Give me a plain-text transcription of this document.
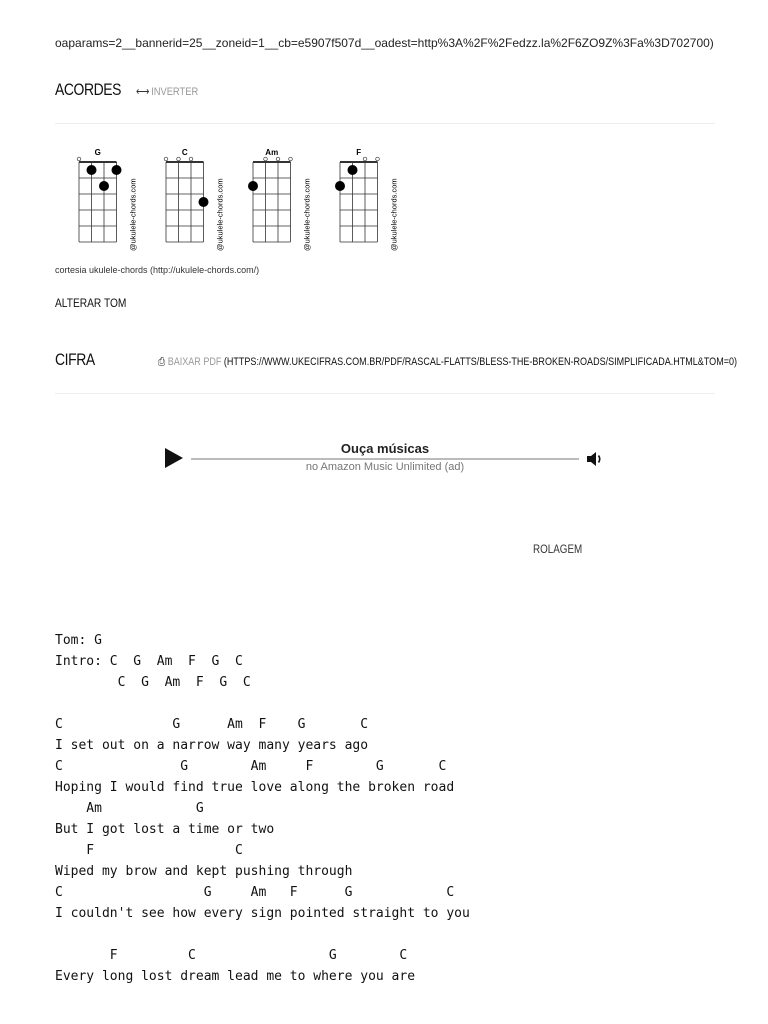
oaparams=2__bannerid=25__zoneid=1__cb=e5907f507d__oadest=http%3A%2F%2Fedzz.la%2F6ZO9Z%3Fa%3D702700)
ACORDES ⟷ INVERTER
G
@ukulele-chords.com
C
@ukulele-chords.com
Am
@ukulele-chords.com
F
@ukulele-chords.com
cortesia ukulele-chords (http://ukulele-chords.com/)
ALTERAR TOM
CIFRA	⎙ BAIXAR PDF (HTTPS://WWW.UKECIFRAS.COM.BR/PDF/RASCAL-FLATTS/BLESS-THE-BROKEN-ROADS/SIMPLIFICADA.HTML&TOM=0)
Ouça músicas
no Amazon Music Unlimited (ad)
ROLAGEM
Tom: G
Intro: C  G  Am  F  G  C
C  G  Am  F  G  C

C              G      Am  F    G       C
I set out on a narrow way many years ago
C               G        Am     F        G       C
Hoping I would find true love along the broken road
Am            G
But I got lost a time or two
F                  C
Wiped my brow and kept pushing through
C                  G     Am   F      G            C
I couldn't see how every sign pointed straight to you

F         C                 G        C
Every long lost dream lead me to where you are
